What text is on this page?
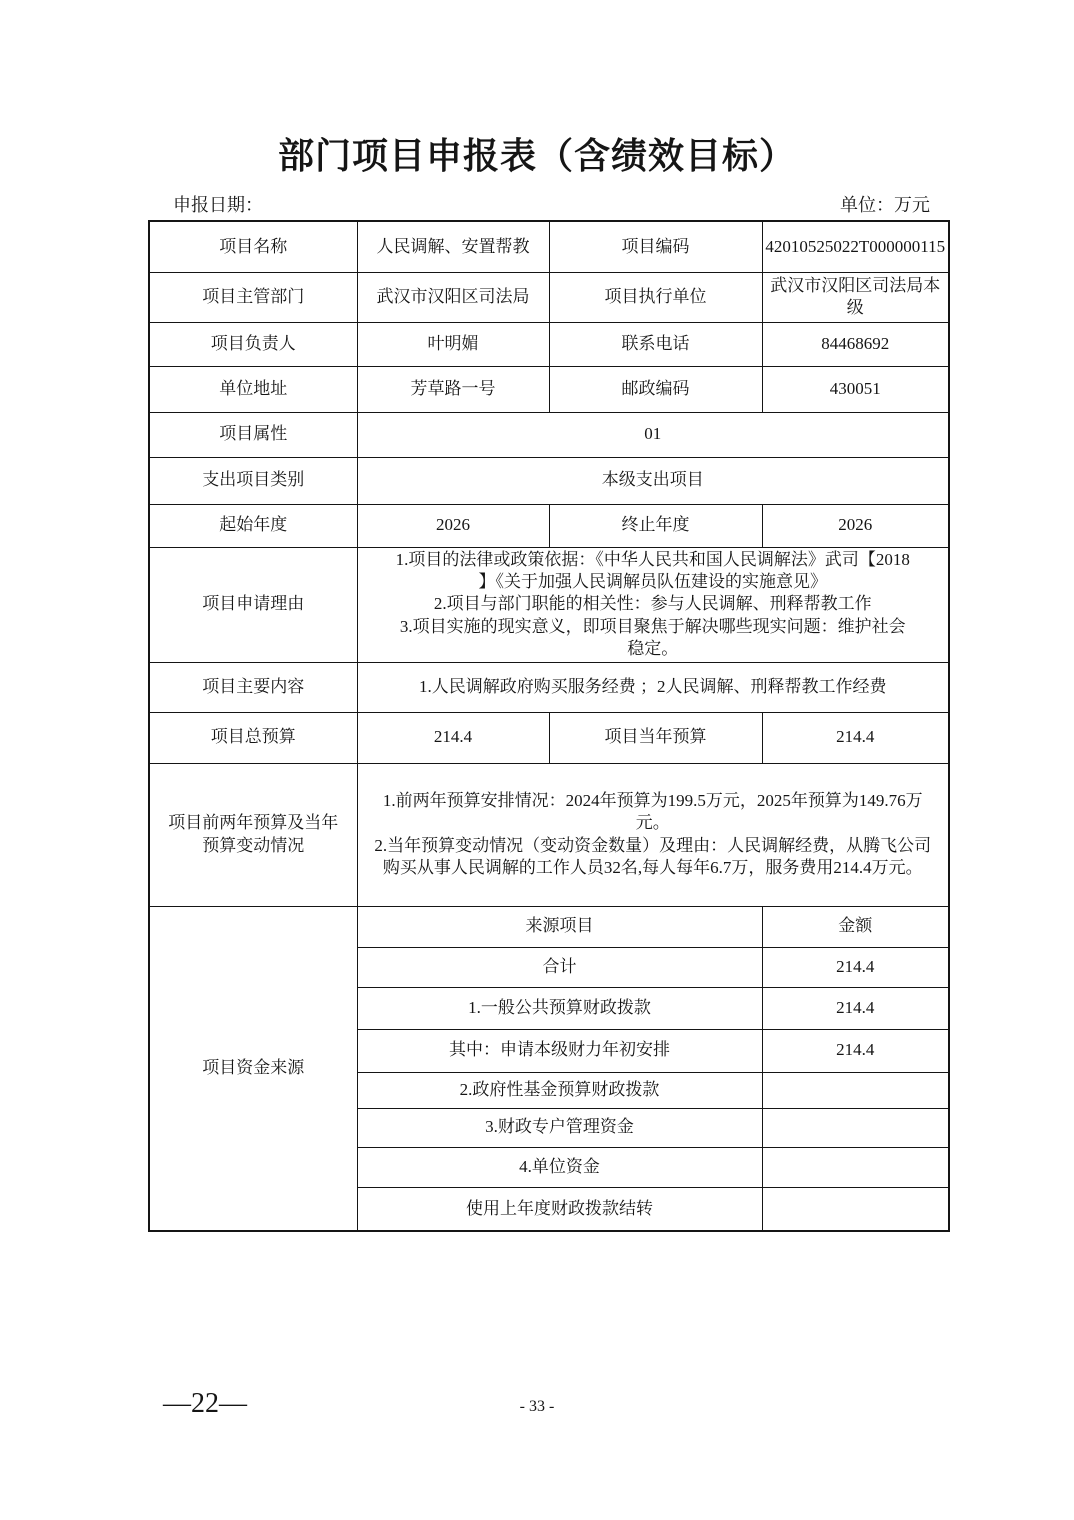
部门项目申报表（含绩效目标）
申报日期：	单位：万元
项目名称	人民调解、安置帮教	项目编码	42010525022T000000115
项目主管部门	武汉市汉阳区司法局	项目执行单位	武汉市汉阳区司法局本级
项目负责人	叶明媚	联系电话	84468692
单位地址	芳草路一号	邮政编码	430051
项目属性	01		
支出项目类别	本级支出项目		
起始年度	2026	终止年度	2026
项目申请理由	1.项目的法律或政策依据：《中华人民共和国人民调解法》武司【2018
】《关于加强人民调解员队伍建设的实施意见》
2.项目与部门职能的相关性：参与人民调解、刑释帮教工作
3.项目实施的现实意义，即项目聚焦于解决哪些现实问题：维护社会
稳定。		

项目主要内容	1.人民调解政府购买服务经费 ；2人民调解、刑释帮教工作经费		
项目总预算	214.4	项目当年预算	214.4

项目前两年预算及当年
预算变动情况

1.前两年预算安排情况：2024年预算为199.5万元，2025年预算为149.76万
元。
2.当年预算变动情况（变动资金数量）及理由：人民调解经费，从腾飞公司
购买从事人民调解的工作人员32名,每人每年6.7万，服务费用214.4万元。

项目资金来源	来源项目		金额
	合计		214.4
	1.一般公共预算财政拨款		214.4
	其中：申请本级财力年初安排		214.4
	2.政府性基金预算财政拨款		
	3.财政专户管理资金		
	4.单位资金		
	使用上年度财政拨款结转		
—22—	- 33 -
